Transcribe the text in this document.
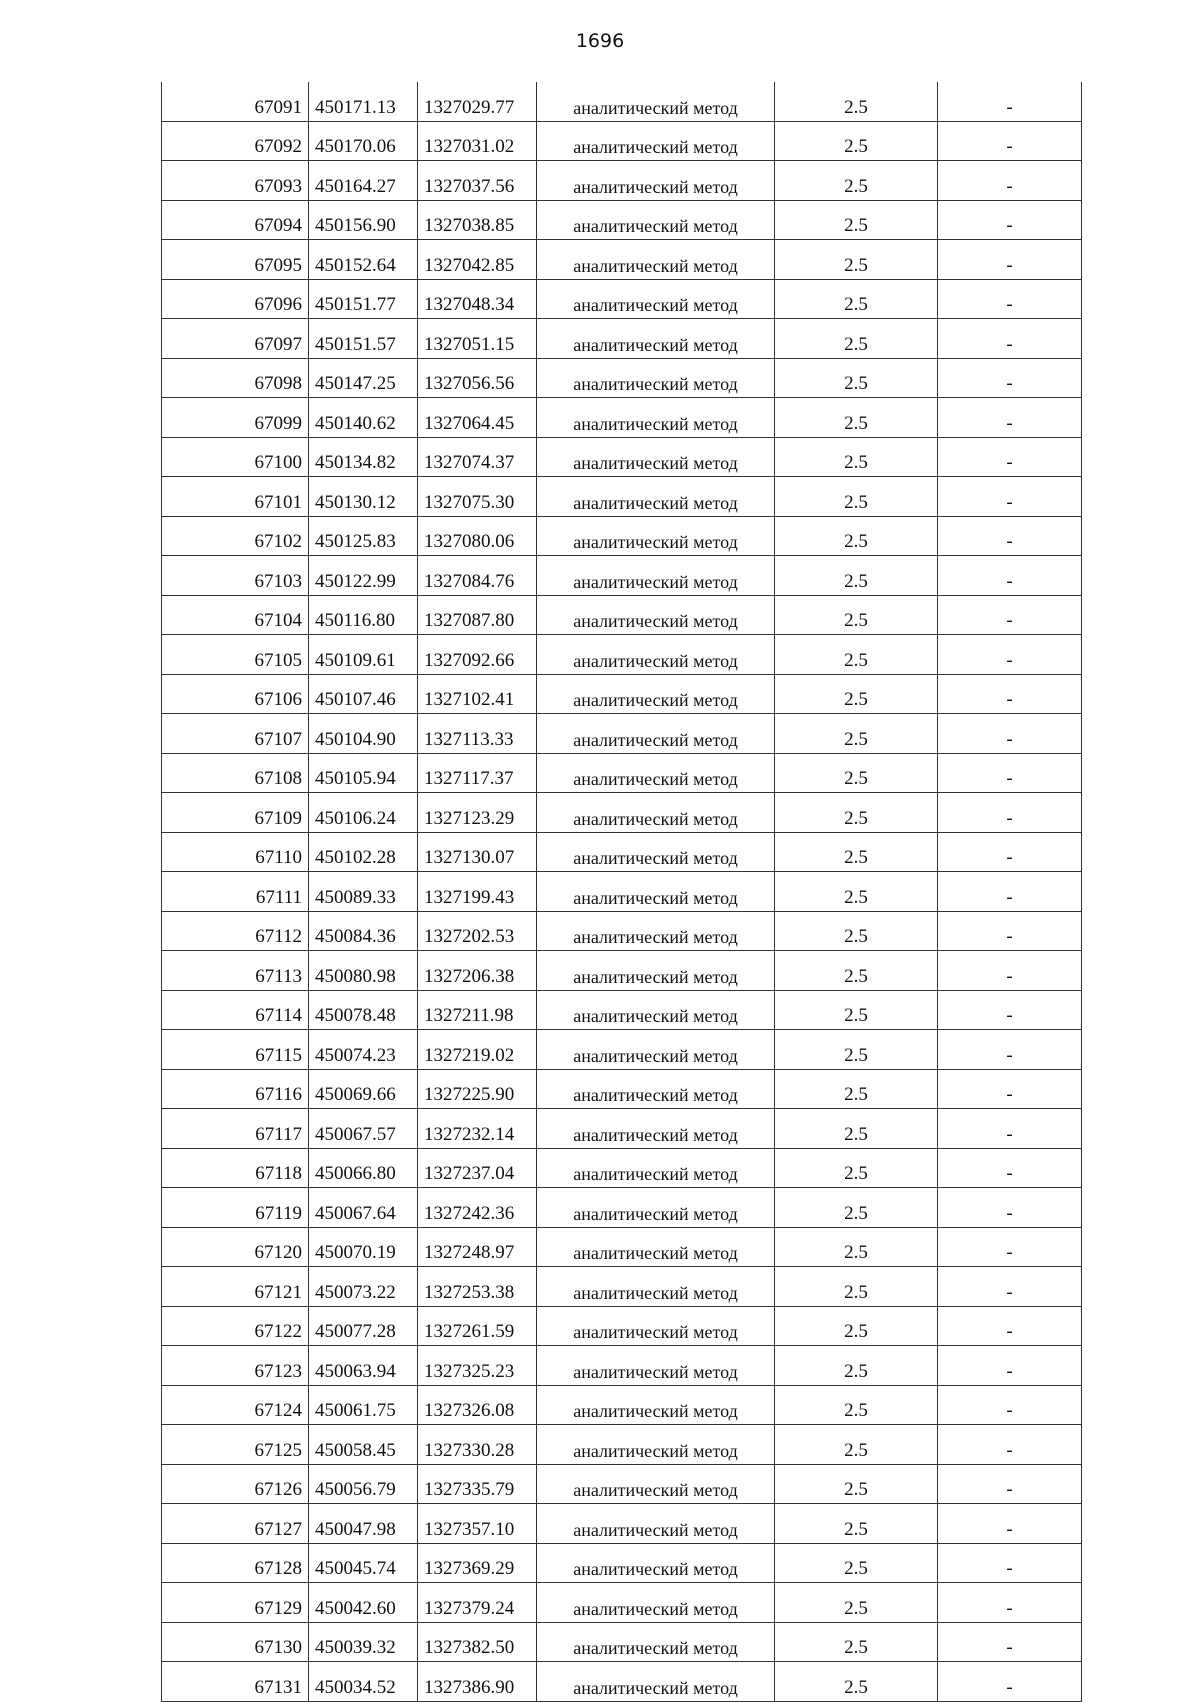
1696
67091	450171.13	1327029.77	аналитический метод	2.5	-
67092	450170.06	1327031.02	аналитический метод	2.5	-
67093	450164.27	1327037.56	аналитический метод	2.5	-
67094	450156.90	1327038.85	аналитический метод	2.5	-
67095	450152.64	1327042.85	аналитический метод	2.5	-
67096	450151.77	1327048.34	аналитический метод	2.5	-
67097	450151.57	1327051.15	аналитический метод	2.5	-
67098	450147.25	1327056.56	аналитический метод	2.5	-
67099	450140.62	1327064.45	аналитический метод	2.5	-
67100	450134.82	1327074.37	аналитический метод	2.5	-
67101	450130.12	1327075.30	аналитический метод	2.5	-
67102	450125.83	1327080.06	аналитический метод	2.5	-
67103	450122.99	1327084.76	аналитический метод	2.5	-
67104	450116.80	1327087.80	аналитический метод	2.5	-
67105	450109.61	1327092.66	аналитический метод	2.5	-
67106	450107.46	1327102.41	аналитический метод	2.5	-
67107	450104.90	1327113.33	аналитический метод	2.5	-
67108	450105.94	1327117.37	аналитический метод	2.5	-
67109	450106.24	1327123.29	аналитический метод	2.5	-
67110	450102.28	1327130.07	аналитический метод	2.5	-
67111	450089.33	1327199.43	аналитический метод	2.5	-
67112	450084.36	1327202.53	аналитический метод	2.5	-
67113	450080.98	1327206.38	аналитический метод	2.5	-
67114	450078.48	1327211.98	аналитический метод	2.5	-
67115	450074.23	1327219.02	аналитический метод	2.5	-
67116	450069.66	1327225.90	аналитический метод	2.5	-
67117	450067.57	1327232.14	аналитический метод	2.5	-
67118	450066.80	1327237.04	аналитический метод	2.5	-
67119	450067.64	1327242.36	аналитический метод	2.5	-
67120	450070.19	1327248.97	аналитический метод	2.5	-
67121	450073.22	1327253.38	аналитический метод	2.5	-
67122	450077.28	1327261.59	аналитический метод	2.5	-
67123	450063.94	1327325.23	аналитический метод	2.5	-
67124	450061.75	1327326.08	аналитический метод	2.5	-
67125	450058.45	1327330.28	аналитический метод	2.5	-
67126	450056.79	1327335.79	аналитический метод	2.5	-
67127	450047.98	1327357.10	аналитический метод	2.5	-
67128	450045.74	1327369.29	аналитический метод	2.5	-
67129	450042.60	1327379.24	аналитический метод	2.5	-
67130	450039.32	1327382.50	аналитический метод	2.5	-
67131	450034.52	1327386.90	аналитический метод	2.5	-
